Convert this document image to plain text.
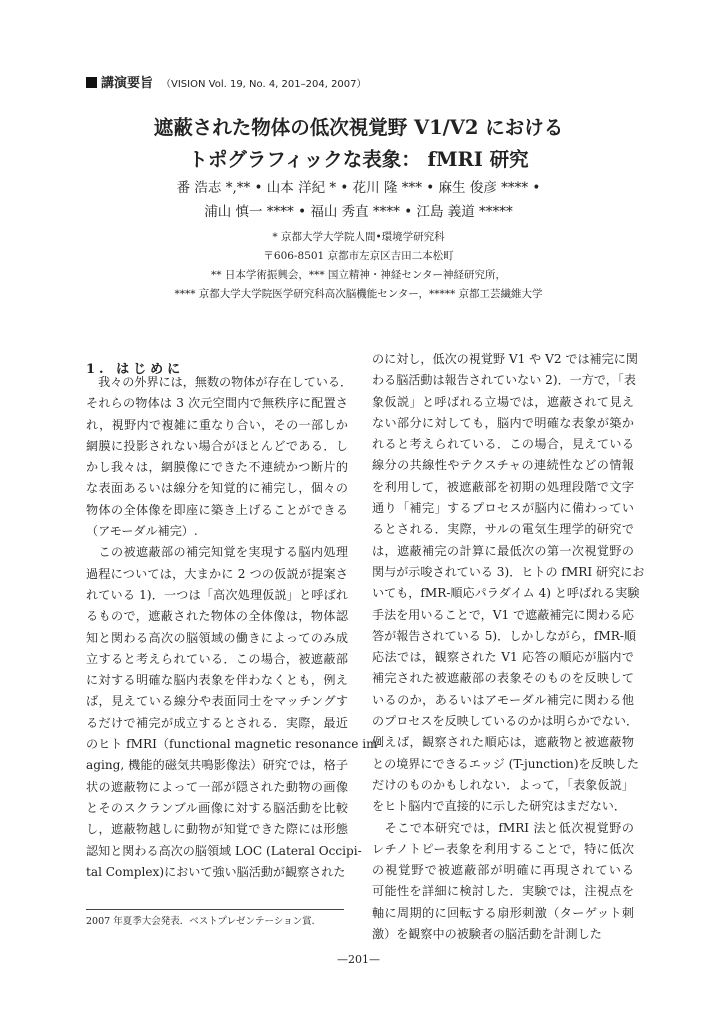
講演要旨 （VISION Vol. 19, No. 4, 201–204, 2007）
遮蔽された物体の低次視覚野 V1/V2 における
トポグラフィックな表象： fMRI 研究
番 浩志 *,** • 山本 洋紀 * • 花川 隆 *** • 麻生 俊彦 **** •
浦山 慎一 **** • 福山 秀直 **** • 江島 義道 *****
* 京都大学大学院人間•環境学研究科
〒606-8501 京都市左京区吉田二本松町
** 日本学術振興会，*** 国立精神・神経センター神経研究所，
**** 京都大学大学院医学研究科高次脳機能センター，***** 京都工芸繊維大学
1. はじめに
　我々の外界には，無数の物体が存在している．
それらの物体は 3 次元空間内で無秩序に配置さ
れ，視野内で複雑に重なり合い，その一部しか
網膜に投影されない場合がほとんどである．し
かし我々は，網膜像にできた不連続かつ断片的
な表面あるいは線分を知覚的に補完し，個々の
物体の全体像を即座に築き上げることができる
（アモーダル補完）.
　この被遮蔽部の補完知覚を実現する脳内処理
過程については，大まかに 2 つの仮説が提案さ
れている 1)．一つは「高次処理仮説」と呼ばれ
るもので，遮蔽された物体の全体像は，物体認
知と関わる高次の脳領域の働きによってのみ成
立すると考えられている．この場合，被遮蔽部
に対する明確な脳内表象を伴わなくとも，例え
ば，見えている線分や表面同士をマッチングす
るだけで補完が成立するとされる．実際，最近
のヒト fMRI（functional magnetic resonance im-
aging, 機能的磁気共鳴影像法）研究では，格子
状の遮蔽物によって一部が隠された動物の画像
とそのスクランブル画像に対する脳活動を比較
し，遮蔽物越しに動物が知覚できた際には形態
認知と関わる高次の脳領域 LOC (Lateral Occipi-
tal Complex)において強い脳活動が観察された
のに対し，低次の視覚野 V1 や V2 では補完に関
わる脳活動は報告されていない 2)．一方で，「表
象仮説」と呼ばれる立場では，遮蔽されて見え
ない部分に対しても，脳内で明確な表象が築か
れると考えられている．この場合，見えている
線分の共線性やテクスチャの連続性などの情報
を利用して，被遮蔽部を初期の処理段階で文字
通り「補完」するプロセスが脳内に備わってい
るとされる．実際，サルの電気生理学的研究で
は，遮蔽補完の計算に最低次の第一次視覚野の
関与が示唆されている 3)．ヒトの fMRI 研究にお
いても，fMR-順応パラダイム 4) と呼ばれる実験
手法を用いることで，V1 で遮蔽補完に関わる応
答が報告されている 5)．しかしながら，fMR-順
応法では，観察された V1 応答の順応が脳内で
補完された被遮蔽部の表象そのものを反映して
いるのか，あるいはアモーダル補完に関わる他
のプロセスを反映しているのかは明らかでない．
例えば，観察された順応は，遮蔽物と被遮蔽物
との境界にできるエッジ (T-junction)を反映した
だけのものかもしれない．よって，「表象仮説」
をヒト脳内で直接的に示した研究はまだない．
　そこで本研究では，fMRI 法と低次視覚野の
レチノトピー表象を利用することで，特に低次
の視覚野で被遮蔽部が明確に再現されている
可能性を詳細に検討した．実験では，注視点を
軸に周期的に回転する扇形刺激（ターゲット刺
激）を観察中の被験者の脳活動を計測した
2007 年夏季大会発表．ベストプレゼンテーション賞．
—201—
